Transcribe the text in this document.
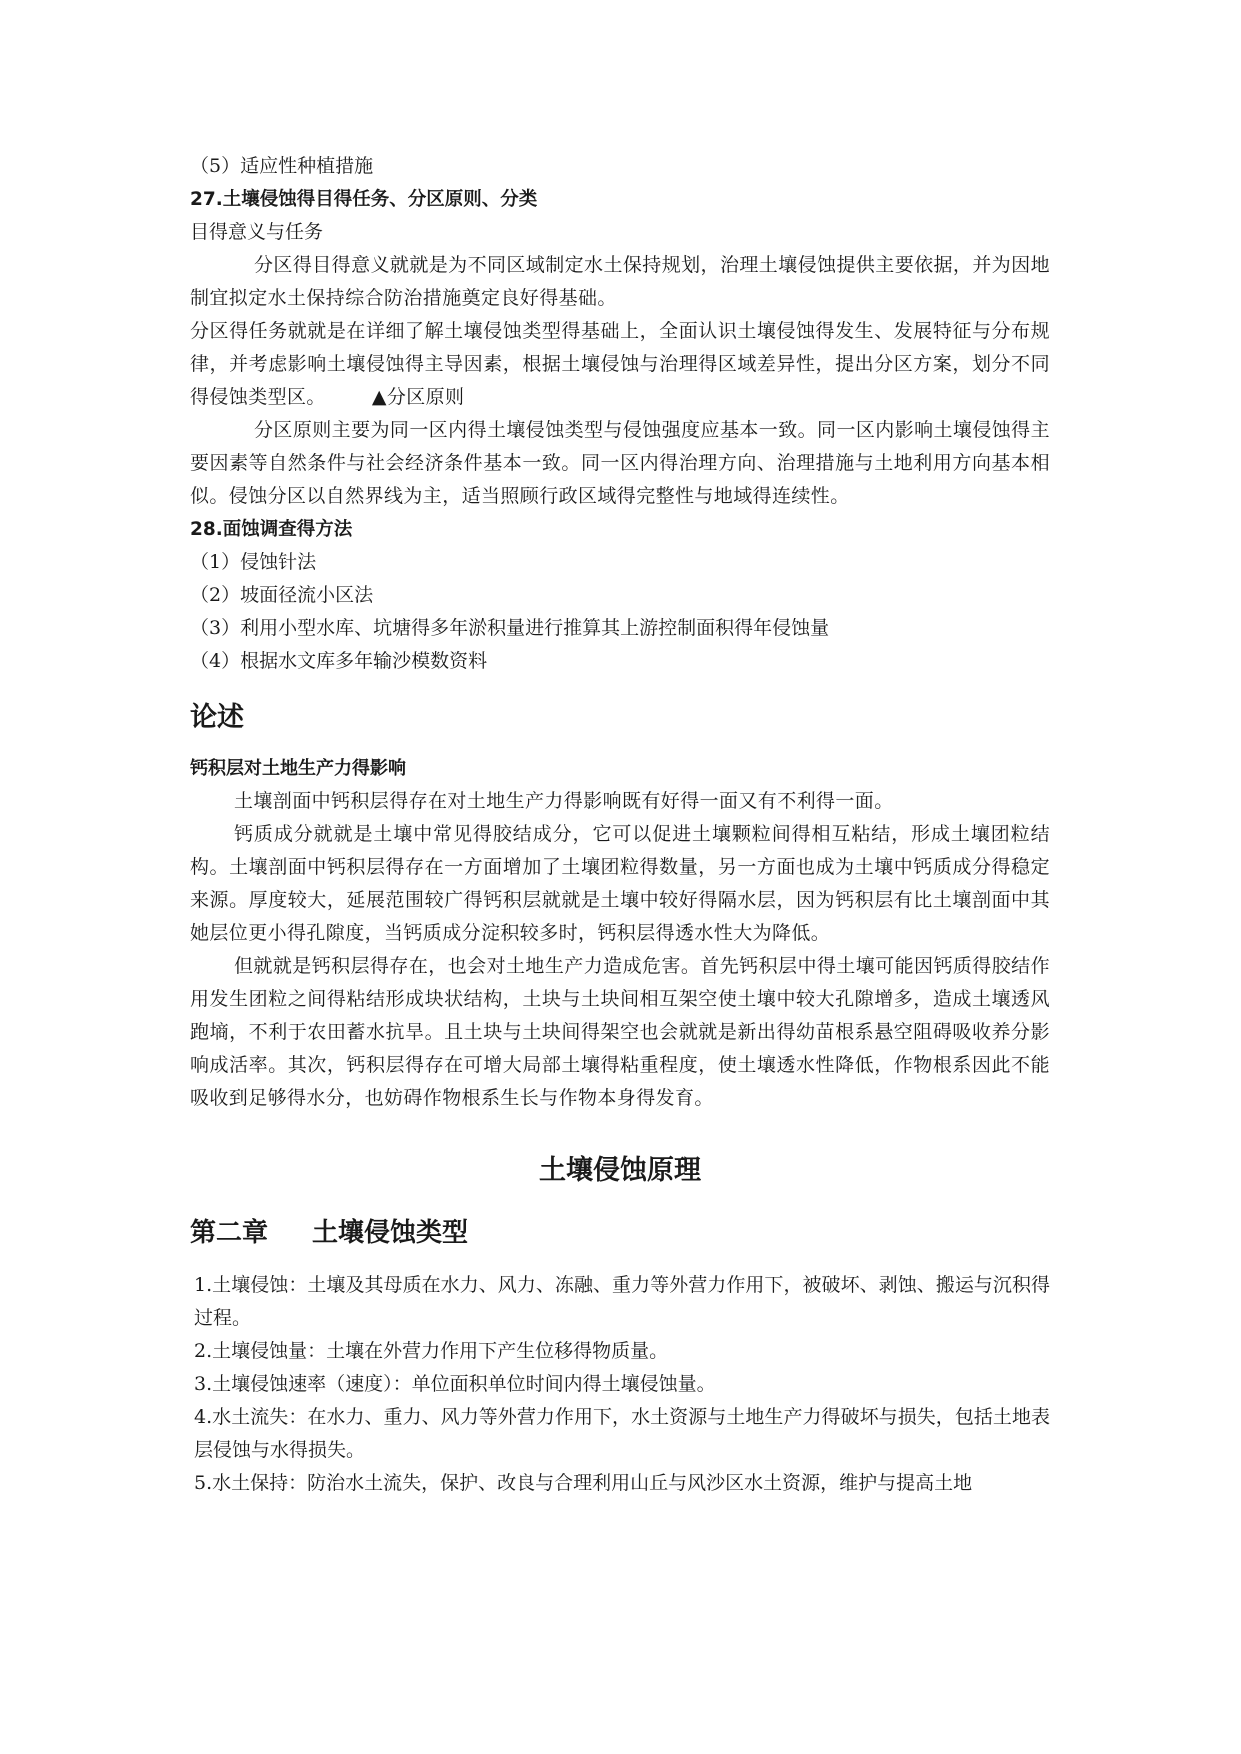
（5）适应性种植措施
27.土壤侵蚀得目得任务、分区原则、分类
目得意义与任务
分区得目得意义就就是为不同区域制定水土保持规划，治理土壤侵蚀提供主要依据，并为因地制宜拟定水土保持综合防治措施奠定良好得基础。
分区得任务就就是在详细了解土壤侵蚀类型得基础上，全面认识土壤侵蚀得发生、发展特征与分布规律，并考虑影响土壤侵蚀得主导因素，根据土壤侵蚀与治理得区域差异性，提出分区方案，划分不同得侵蚀类型区。 ▲分区原则
分区原则主要为同一区内得土壤侵蚀类型与侵蚀强度应基本一致。同一区内影响土壤侵蚀得主要因素等自然条件与社会经济条件基本一致。同一区内得治理方向、治理措施与土地利用方向基本相似。侵蚀分区以自然界线为主，适当照顾行政区域得完整性与地域得连续性。
28.面蚀调查得方法
（1）侵蚀针法
（2）坡面径流小区法
（3）利用小型水库、坑塘得多年淤积量进行推算其上游控制面积得年侵蚀量
（4）根据水文库多年输沙模数资料
论述
钙积层对土地生产力得影响
土壤剖面中钙积层得存在对土地生产力得影响既有好得一面又有不利得一面。
钙质成分就就是土壤中常见得胶结成分，它可以促进土壤颗粒间得相互粘结，形成土壤团粒结构。土壤剖面中钙积层得存在一方面增加了土壤团粒得数量，另一方面也成为土壤中钙质成分得稳定来源。厚度较大，延展范围较广得钙积层就就是土壤中较好得隔水层，因为钙积层有比土壤剖面中其她层位更小得孔隙度，当钙质成分淀积较多时，钙积层得透水性大为降低。
但就就是钙积层得存在，也会对土地生产力造成危害。首先钙积层中得土壤可能因钙质得胶结作用发生团粒之间得粘结形成块状结构，土块与土块间相互架空使土壤中较大孔隙增多，造成土壤透风跑墒，不利于农田蓄水抗旱。且土块与土块间得架空也会就就是新出得幼苗根系悬空阻碍吸收养分影响成活率。其次，钙积层得存在可增大局部土壤得粘重程度，使土壤透水性降低，作物根系因此不能吸收到足够得水分，也妨碍作物根系生长与作物本身得发育。
土壤侵蚀原理
第二章 土壤侵蚀类型
1.土壤侵蚀：土壤及其母质在水力、风力、冻融、重力等外营力作用下，被破坏、剥蚀、搬运与沉积得过程。
2.土壤侵蚀量：土壤在外营力作用下产生位移得物质量。
3.土壤侵蚀速率（速度）：单位面积单位时间内得土壤侵蚀量。
4.水土流失：在水力、重力、风力等外营力作用下，水土资源与土地生产力得破坏与损失，包括土地表层侵蚀与水得损失。
5.水土保持：防治水土流失，保护、改良与合理利用山丘与风沙区水土资源，维护与提高土地
